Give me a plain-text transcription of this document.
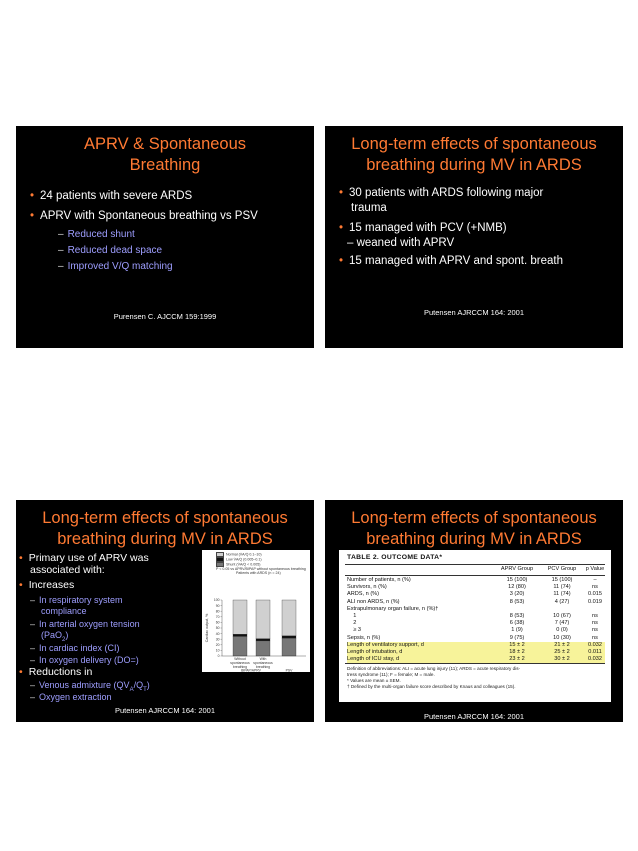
APRV & Spontaneous
Breathing
• 24 patients with severe ARDS
• APRV with Spontaneous breathing vs PSV
– Reduced shunt
– Reduced dead space
– Improved V/Q matching
Purensen C. AJCCM 159:1999
Long-term effects of spontaneous
breathing during MV in ARDS
• 30 patients with ARDS following major
trauma
• 15 managed with PCV (+NMB)
– weaned with APRV
• 15 managed with APRV and spont. breath
Putensen AJRCCM 164: 2001
Long-term effects of spontaneous
breathing during MV in ARDS
• Primary use of APRV was
associated with:
• Increases
– In respiratory system
compliance
– In arterial oxygen tension
(PaO$_2$)
– In cardiac index (CI)
– In oxygen delivery (DO=)
• Reductions in
– Venous admixture $(QV_A/Q_T)$
– Oxygen extraction
Normal (V̇A/Q̇ 0.1–10)
Low V̇A/Q̇ (0.005–0.1)
Shunt (V̇A/Q̇ < 0.005)
P < 0.05 vs APRV/BIPAP without spontaneous breathing
Patients with ARDS (n = 24)
Cardiac output, %
100
90
80
70
60
50
40
30
20
10
0
Without
spontaneous
breathing
With
spontaneous
breathing
BIPAP/APRV	PSV
Putensen AJRCCM 164: 2001
Long-term effects of spontaneous
breathing during MV in ARDS
TABLE 2. OUTCOME DATA*
APRV Group	PCV Group	p Value
Number of patients, n (%)	15 (100)	15 (100)	–
Survivors, n (%)	12 (80)	11 (74)	ns
ARDS, n (%)	3 (20)	11 (74)	0.015
ALI non ARDS, n (%)	8 (53)	4 (27)	0.019
Extrapulmonary organ failure, n (%)†
1	8 (53)	10 (67)	ns
2	6 (38)	7 (47)	ns
≥ 3	1 (9)	0 (0)	ns
Sepsis, n (%)	9 (75)	10 (30)	ns
Length of ventilatory support, d	15 ± 2	21 ± 2	0.032
Length of intubation, d	18 ± 2	25 ± 2	0.011
Length of ICU stay, d	23 ± 2	30 ± 2	0.032
Definition of abbreviations: ALI = acute lung injury (11); ARDS = acute respiratory dis-
tress syndrome (11); F = female; M = male.
* Values are mean ± SEM.
† Defined by the multi-organ failure score described by Knaus and colleagues (15).
Putensen AJRCCM 164: 2001
